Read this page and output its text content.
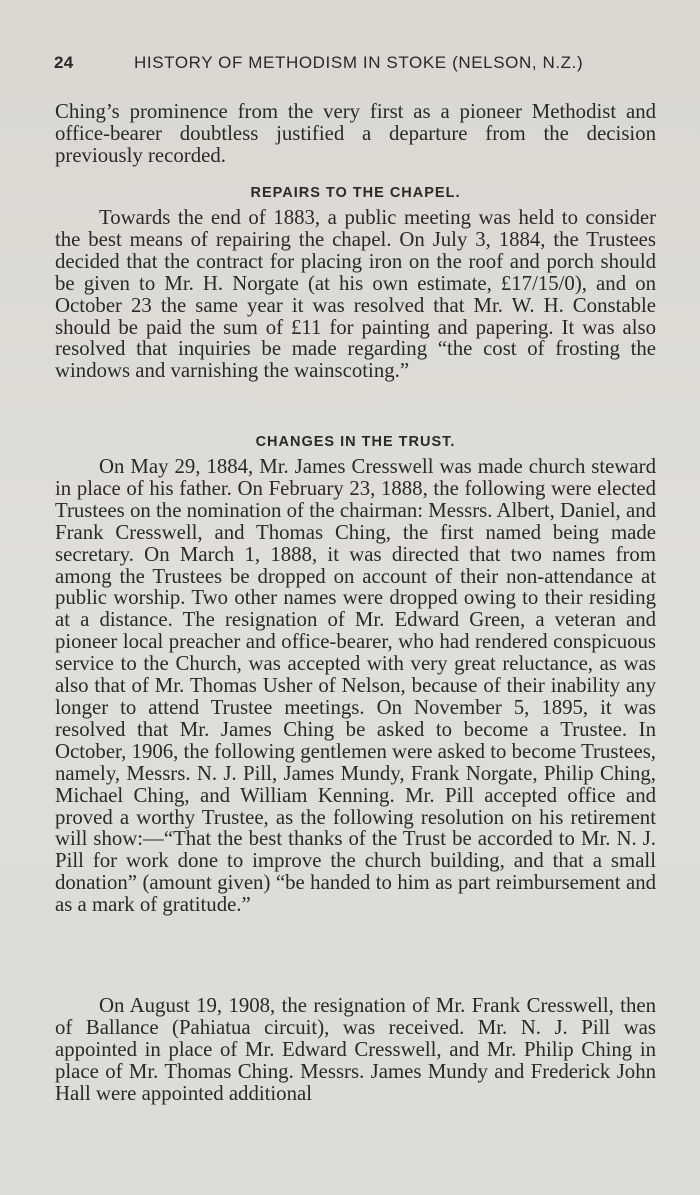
24	HISTORY OF METHODISM IN STOKE (NELSON, N.Z.)

Ching’s prominence from the very first as a pioneer Methodist and office-bearer doubtless justified a departure from the decision previously recorded.

REPAIRS TO THE CHAPEL.

Towards the end of 1883, a public meeting was held to consider the best means of repairing the chapel. On July 3, 1884, the Trustees decided that the contract for placing iron on the roof and porch should be given to Mr. H. Norgate (at his own estimate, £17/15/0), and on October 23 the same year it was resolved that Mr. W. H. Constable should be paid the sum of £11 for painting and papering. It was also resolved that inquiries be made regarding “the cost of frosting the windows and varnishing the wainscoting.”

CHANGES IN THE TRUST.

On May 29, 1884, Mr. James Cresswell was made church steward in place of his father. On February 23, 1888, the following were elected Trustees on the nomination of the chairman: Messrs. Albert, Daniel, and Frank Cresswell, and Thomas Ching, the first named being made secretary. On March 1, 1888, it was directed that two names from among the Trustees be dropped on account of their non-attendance at public worship. Two other names were dropped owing to their residing at a distance. The resignation of Mr. Edward Green, a veteran and pioneer local preacher and office-bearer, who had rendered conspicuous service to the Church, was accepted with very great reluctance, as was also that of Mr. Thomas Usher of Nelson, because of their inability any longer to attend Trustee meetings. On November 5, 1895, it was resolved that Mr. James Ching be asked to become a Trustee. In October, 1906, the following gentlemen were asked to become Trustees, namely, Messrs. N. J. Pill, James Mundy, Frank Norgate, Philip Ching, Michael Ching, and William Kenning. Mr. Pill accepted office and proved a worthy Trustee, as the following resolution on his retirement will show:—“That the best thanks of the Trust be accorded to Mr. N. J. Pill for work done to improve the church building, and that a small donation” (amount given) “be handed to him as part reimbursement and as a mark of gratitude.”

On August 19, 1908, the resignation of Mr. Frank Cresswell, then of Ballance (Pahiatua circuit), was received. Mr. N. J. Pill was appointed in place of Mr. Edward Cresswell, and Mr. Philip Ching in place of Mr. Thomas Ching. Messrs. James Mundy and Frederick John Hall were appointed additional
